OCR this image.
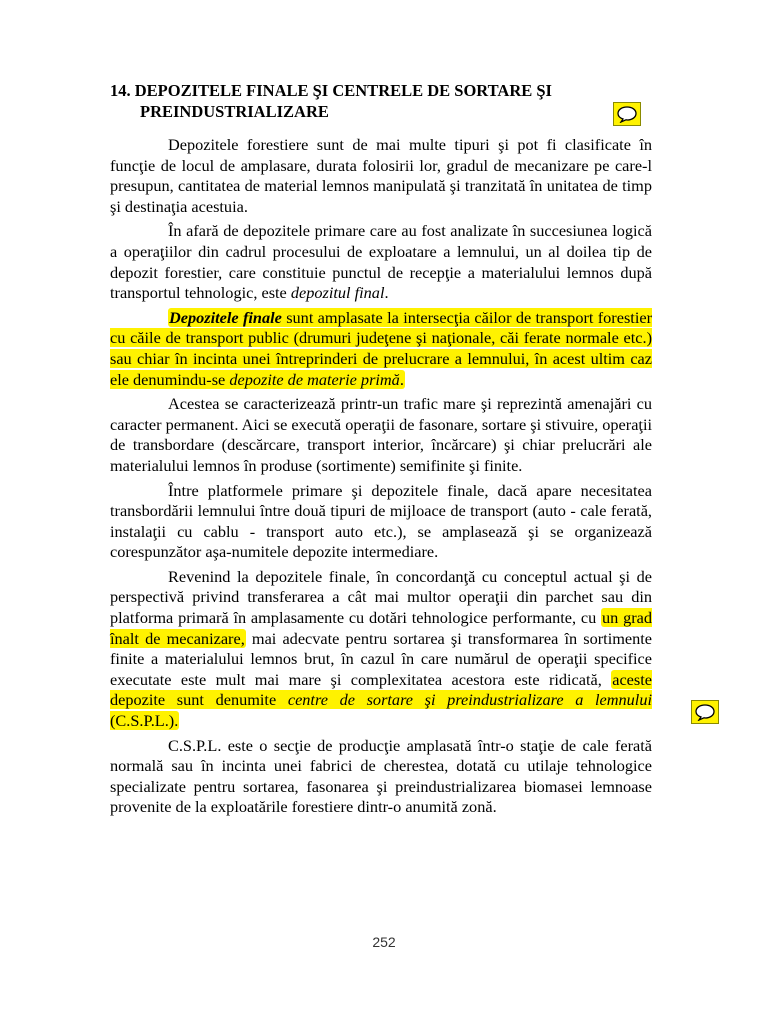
14. DEPOZITELE FINALE ŞI CENTRELE DE SORTARE ŞI
PREINDUSTRIALIZARE

Depozitele forestiere sunt de mai multe tipuri şi pot fi clasificate în funcţie de locul de amplasare, durata folosirii lor, gradul de mecanizare pe care-l presupun, cantitatea de material lemnos manipulată şi tranzitată în unitatea de timp şi destinaţia acestuia.

În afară de depozitele primare care au fost analizate în succesiunea logică a operaţiilor din cadrul procesului de exploatare a lemnului, un al doilea tip de depozit forestier, care constituie punctul de recepţie a materialului lemnos după transportul tehnologic, este depozitul final.

Depozitele finale sunt amplasate la intersecţia căilor de transport forestier cu căile de transport public (drumuri judeţene şi naţionale, căi ferate normale etc.) sau chiar în incinta unei întreprinderi de prelucrare a lemnului, în acest ultim caz ele denumindu-se depozite de materie primă.

Acestea se caracterizează printr-un trafic mare şi reprezintă amenajări cu caracter permanent. Aici se execută operaţii de fasonare, sortare şi stivuire, operaţii de transbordare (descărcare, transport interior, încărcare) şi chiar prelucrări ale materialului lemnos în produse (sortimente) semifinite şi finite.

Între platformele primare şi depozitele finale, dacă apare necesitatea transbordării lemnului între două tipuri de mijloace de transport (auto - cale ferată, instalaţii cu cablu - transport auto etc.), se amplasează şi se organizează corespunzător aşa-numitele depozite intermediare.

Revenind la depozitele finale, în concordanţă cu conceptul actual şi de perspectivă privind transferarea a cât mai multor operaţii din parchet sau din platforma primară în amplasamente cu dotări tehnologice performante, cu un grad înalt de mecanizare, mai adecvate pentru sortarea şi transformarea în sortimente finite a materialului lemnos brut, în cazul în care numărul de operaţii specifice executate este mult mai mare şi complexitatea acestora este ridicată, aceste depozite sunt denumite centre de sortare şi preindustrializare a lemnului (C.S.P.L.).

C.S.P.L. este o secţie de producţie amplasată într-o staţie de cale ferată normală sau în incinta unei fabrici de cherestea, dotată cu utilaje tehnologice specializate pentru sortarea, fasonarea şi preindustrializarea biomasei lemnoase provenite de la exploatările forestiere dintr-o anumită zonă.

252
